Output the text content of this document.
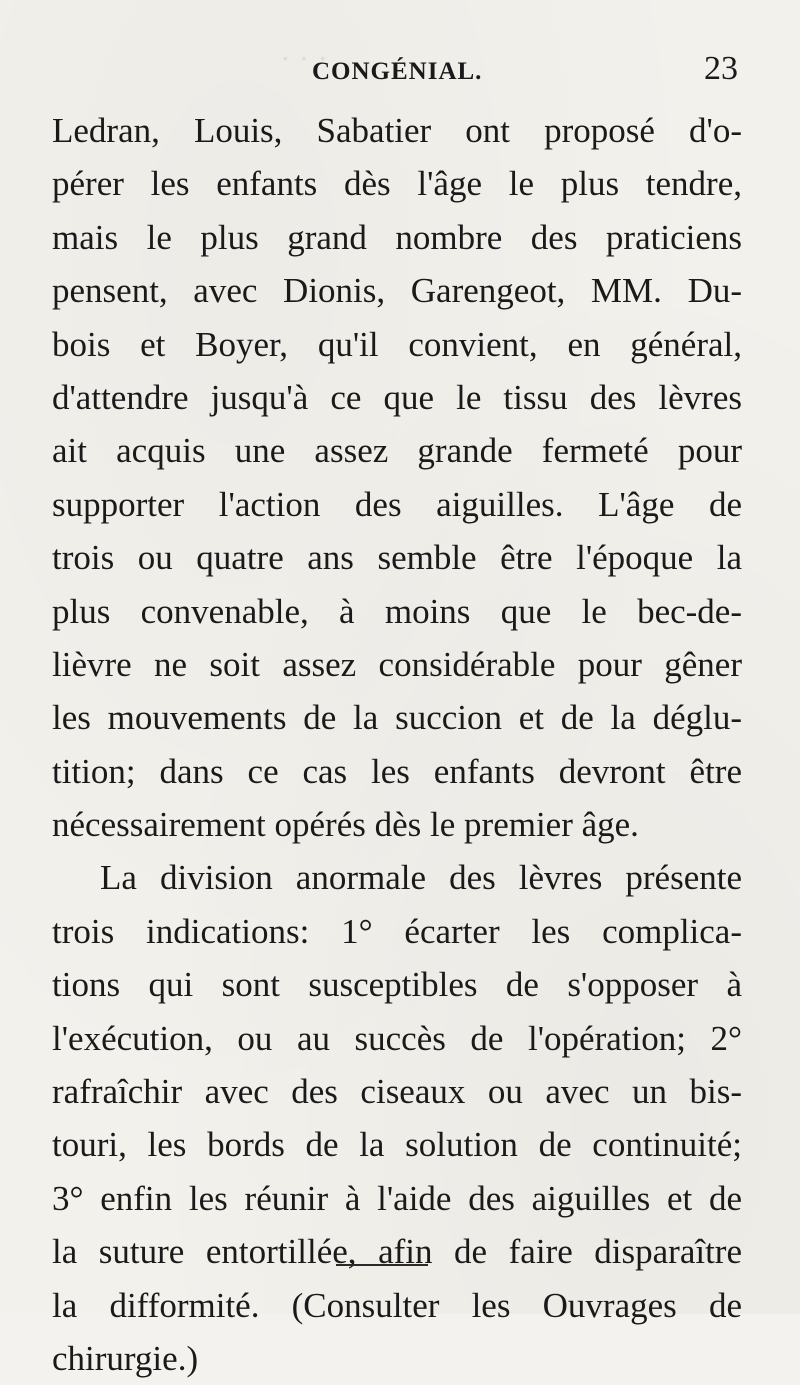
· · ·
CONGÉNIAL.	23
Ledran, Louis, Sabatier ont proposé d'o-
pérer les enfants dès l'âge le plus tendre,
mais le plus grand nombre des praticiens
pensent, avec Dionis, Garengeot, MM. Du-
bois et Boyer, qu'il convient, en général,
d'attendre jusqu'à ce que le tissu des lèvres
ait acquis une assez grande fermeté pour
supporter l'action des aiguilles. L'âge de
trois ou quatre ans semble être l'époque la
plus convenable, à moins que le bec-de-
lièvre ne soit assez considérable pour gêner
les mouvements de la succion et de la déglu-
tition; dans ce cas les enfants devront être
nécessairement opérés dès le premier âge.
La division anormale des lèvres présente
trois indications: 1° écarter les complica-
tions qui sont susceptibles de s'opposer à
l'exécution, ou au succès de l'opération; 2°
rafraîchir avec des ciseaux ou avec un bis-
touri, les bords de la solution de continuité;
3° enfin les réunir à l'aide des aiguilles et de
la suture entortillée, afin de faire disparaître
la difformité. (Consulter les Ouvrages de
chirurgie.)
